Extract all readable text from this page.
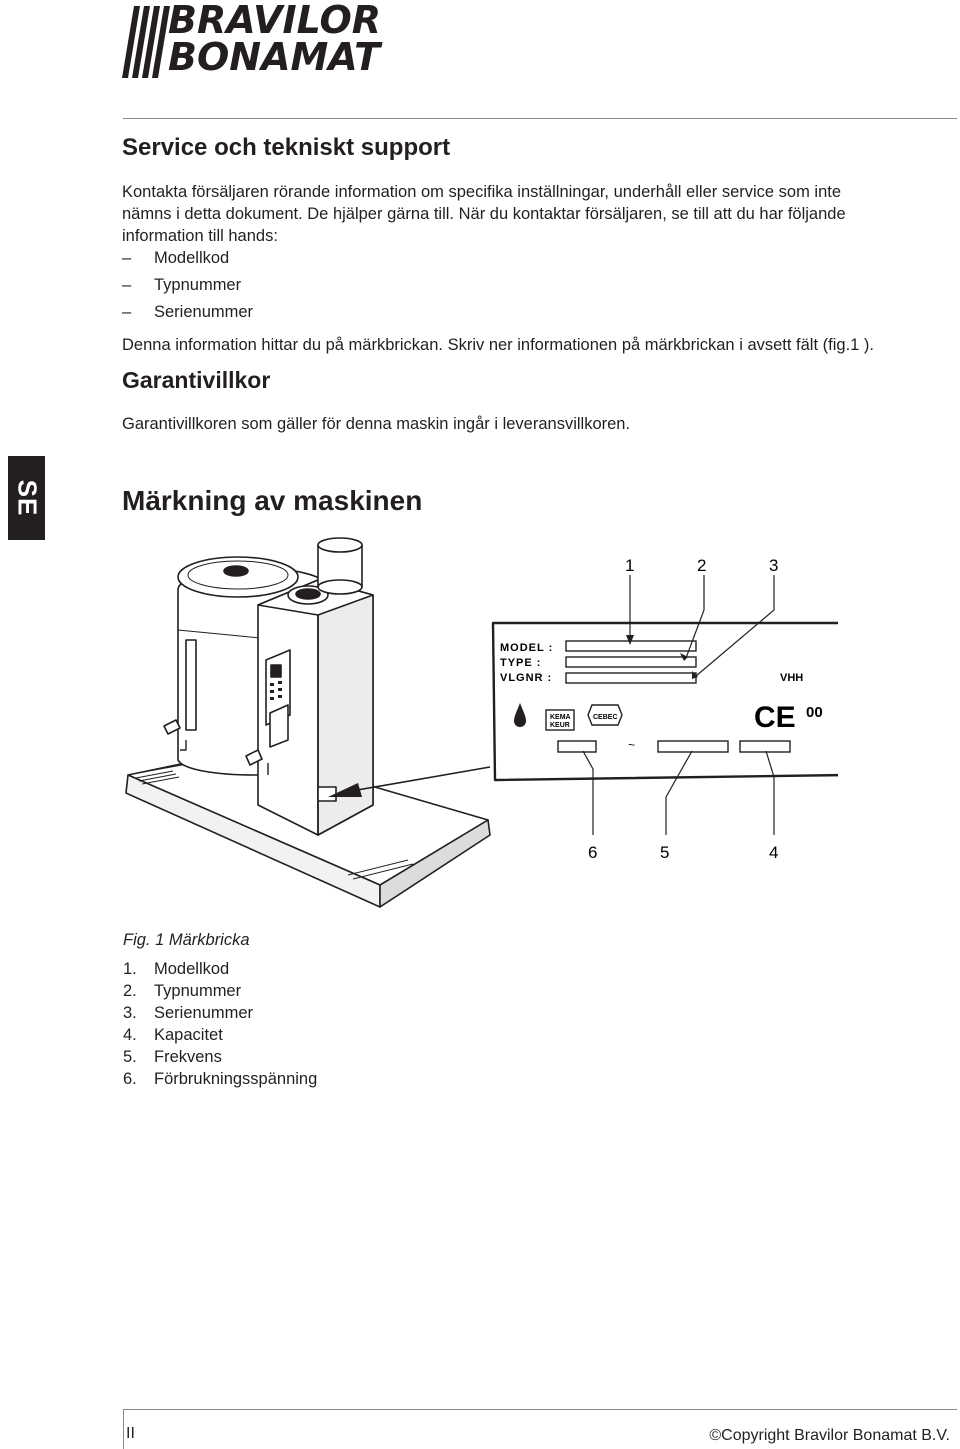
BRAVILOR
BONAMAT
Service och tekniskt support
Kontakta försäljaren rörande information om specifika inställningar, underhåll eller service som inte
nämns i detta dokument. De hjälper gärna till. När du kontaktar försäljaren, se till att du har följande
information till hands:
– Modellkod
– Typnummer
– Serienummer
Denna information hittar du på märkbrickan. Skriv ner informationen på märkbrickan i avsett fält (fig.1 ).
Garantivillkor
Garantivillkoren som gäller för denna maskin ingår i leveransvillkoren.
SE	Märkning av maskinen
MODEL :
TYPE :
VLGNR :	VHH
KEMA
KEUR
CEBEC	CE 00
~
1	2	3
6	5	4
Fig. 1 Märkbricka
1. Modellkod
2. Typnummer
3. Serienummer
4. Kapacitet
5. Frekvens
6. Förbrukningsspänning
II	©Copyright Bravilor Bonamat B.V.
